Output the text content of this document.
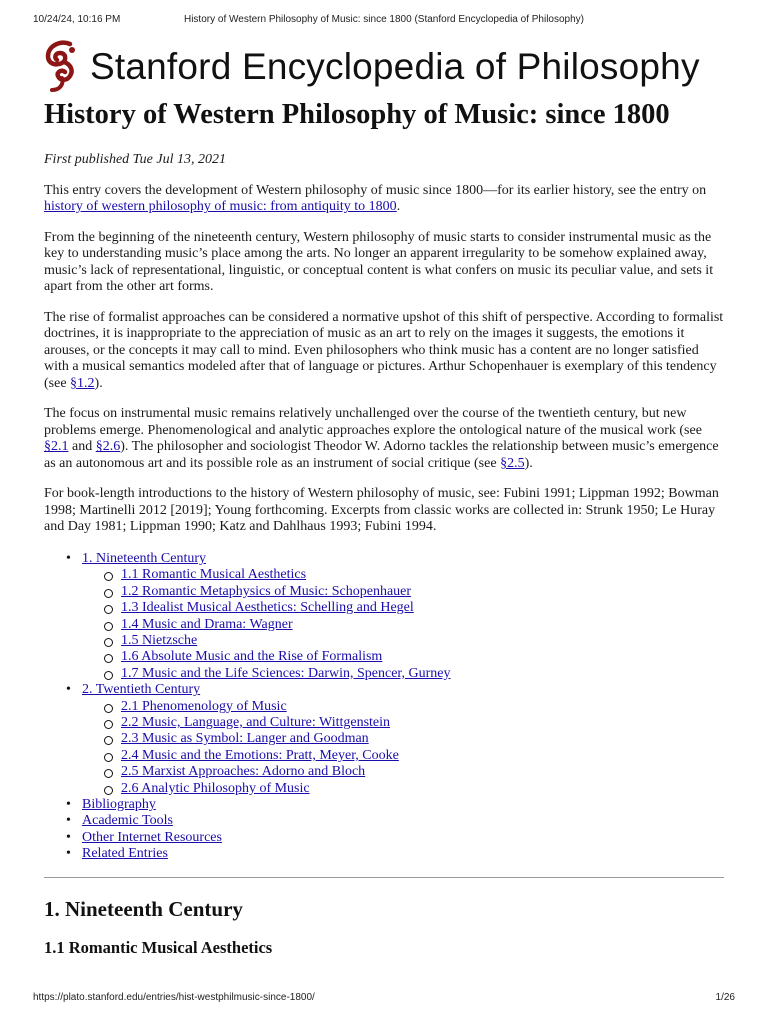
10/24/24, 10:16 PM	History of Western Philosophy of Music: since 1800 (Stanford Encyclopedia of Philosophy)
Stanford Encyclopedia of Philosophy
History of Western Philosophy of Music: since 1800
First published Tue Jul 13, 2021

This entry covers the development of Western philosophy of music since 1800—for its earlier history, see the entry on history of western philosophy of music: from antiquity to 1800.

From the beginning of the nineteenth century, Western philosophy of music starts to consider instrumental music as the key to understanding music’s place among the arts. No longer an apparent irregularity to be somehow explained away, music’s lack of representational, linguistic, or conceptual content is what confers on music its peculiar value, and sets it apart from the other art forms.

The rise of formalist approaches can be considered a normative upshot of this shift of perspective. According to formalist doctrines, it is inappropriate to the appreciation of music as an art to rely on the images it suggests, the emotions it arouses, or the concepts it may call to mind. Even philosophers who think music has a content are no longer satisfied with a musical semantics modeled after that of language or pictures. Arthur Schopenhauer is exemplary of this tendency (see §1.2).

The focus on instrumental music remains relatively unchallenged over the course of the twentieth century, but new problems emerge. Phenomenological and analytic approaches explore the ontological nature of the musical work (see §2.1 and §2.6). The philosopher and sociologist Theodor W. Adorno tackles the relationship between music’s emergence as an autonomous art and its possible role as an instrument of social critique (see §2.5).

For book-length introductions to the history of Western philosophy of music, see: Fubini 1991; Lippman 1992; Bowman 1998; Martinelli 2012 [2019]; Young forthcoming. Excerpts from classic works are collected in: Strunk 1950; Le Huray and Day 1981; Lippman 1990; Katz and Dahlhaus 1993; Fubini 1994.

• 1. Nineteenth Century
1.1 Romantic Musical Aesthetics
1.2 Romantic Metaphysics of Music: Schopenhauer
1.3 Idealist Musical Aesthetics: Schelling and Hegel
1.4 Music and Drama: Wagner
1.5 Nietzsche
1.6 Absolute Music and the Rise of Formalism
1.7 Music and the Life Sciences: Darwin, Spencer, Gurney
• 2. Twentieth Century
2.1 Phenomenology of Music
2.2 Music, Language, and Culture: Wittgenstein
2.3 Music as Symbol: Langer and Goodman
2.4 Music and the Emotions: Pratt, Meyer, Cooke
2.5 Marxist Approaches: Adorno and Bloch
2.6 Analytic Philosophy of Music
• Bibliography
• Academic Tools
• Other Internet Resources
• Related Entries
1. Nineteenth Century
1.1 Romantic Musical Aesthetics
https://plato.stanford.edu/entries/hist-westphilmusic-since-1800/	1/26
